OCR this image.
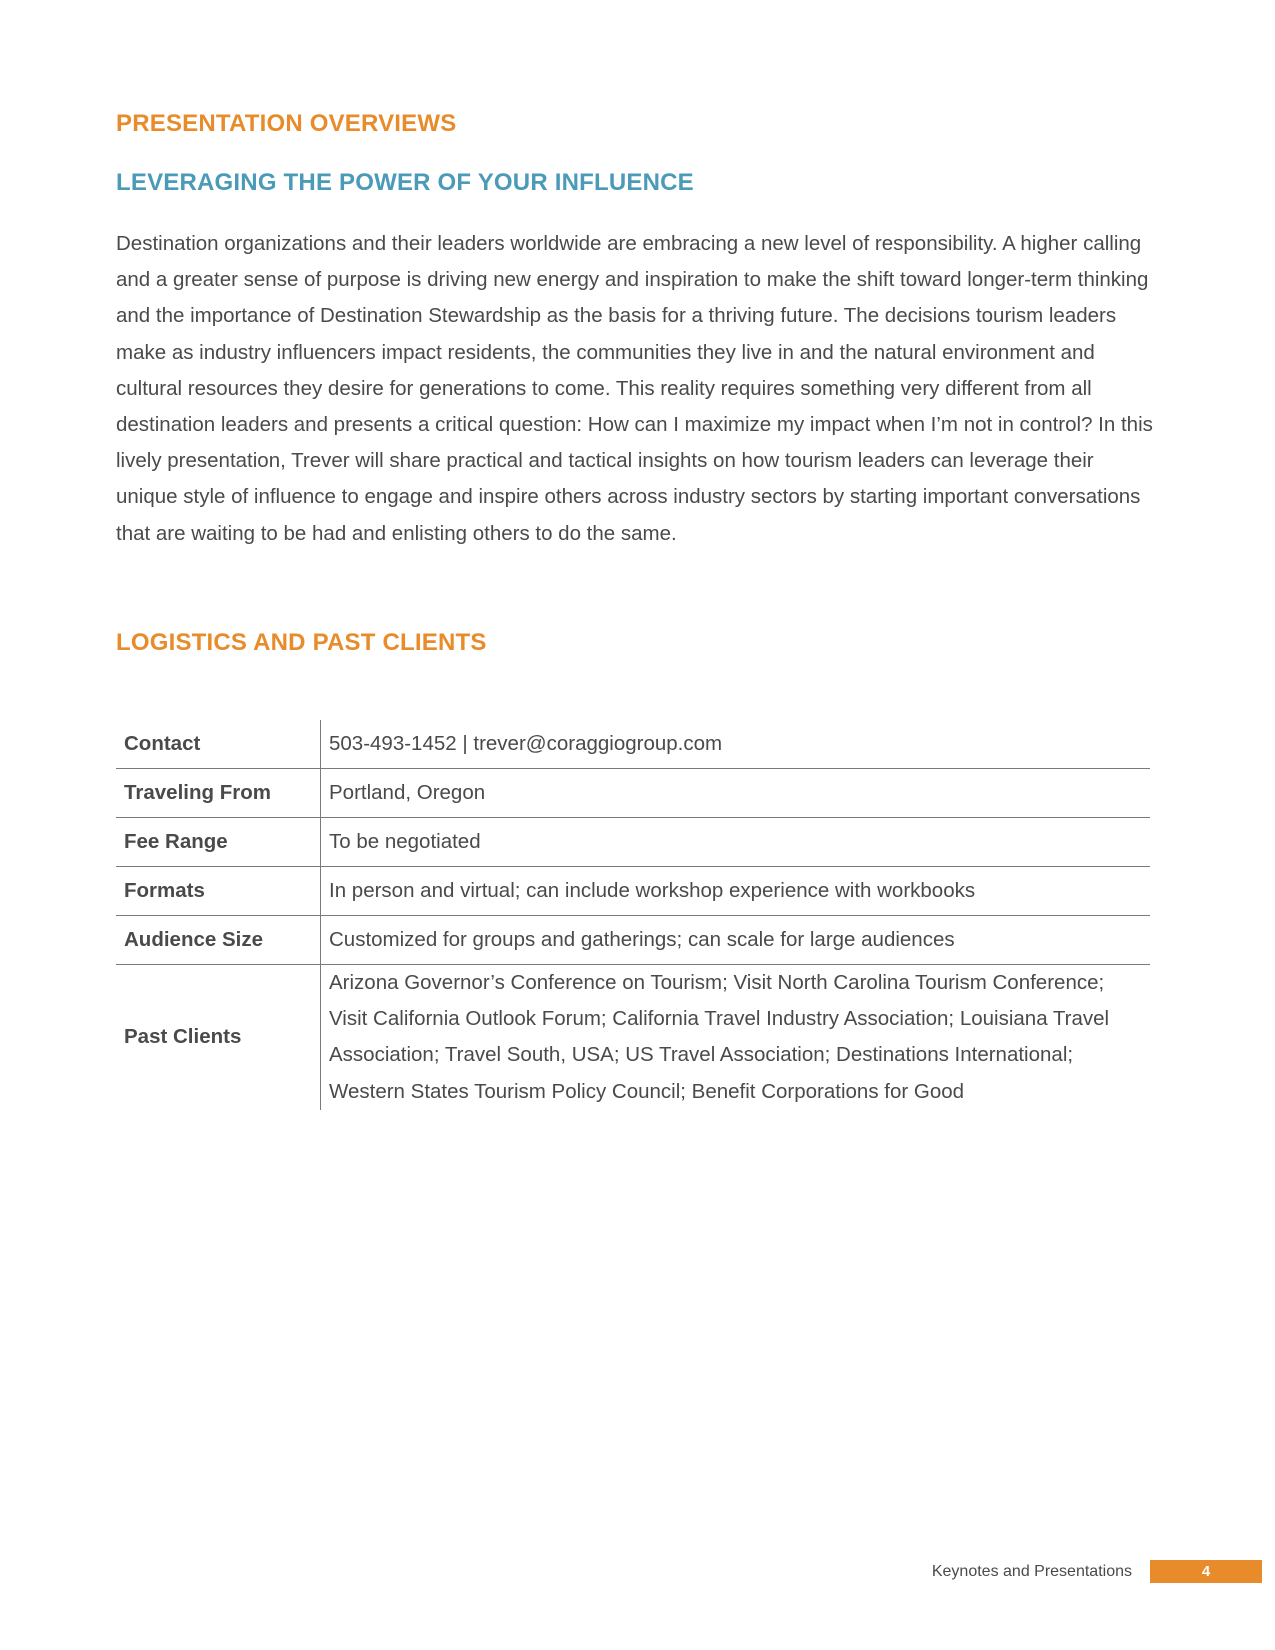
PRESENTATION OVERVIEWS
LEVERAGING THE POWER OF YOUR INFLUENCE

Destination organizations and their leaders worldwide are embracing a new level of responsibility. A higher calling and a greater sense of purpose is driving new energy and inspiration to make the shift toward longer-term thinking and the importance of Destination Stewardship as the basis for a thriving future. The decisions tourism leaders make as industry influencers impact residents, the communities they live in and the natural environment and cultural resources they desire for generations to come. This reality requires something very different from all destination leaders and presents a critical question: How can I maximize my impact when I’m not in control? In this lively presentation, Trever will share practical and tactical insights on how tourism leaders can leverage their unique style of influence to engage and inspire others across industry sectors by starting important conversations that are waiting to be had and enlisting others to do the same.

LOGISTICS AND PAST CLIENTS
Contact	503-493-1452 | trever@coraggiogroup.com
Traveling From	Portland, Oregon
Fee Range	To be negotiated
Formats	In person and virtual; can include workshop experience with workbooks
Audience Size	Customized for groups and gatherings; can scale for large audiences
Past Clients	Arizona Governor’s Conference on Tourism; Visit North Carolina Tourism Conference; Visit California Outlook Forum; California Travel Industry Association; Louisiana Travel Association; Travel South, USA; US Travel Association; Destinations International; Western States Tourism Policy Council; Benefit Corporations for Good
Keynotes and Presentations	4
